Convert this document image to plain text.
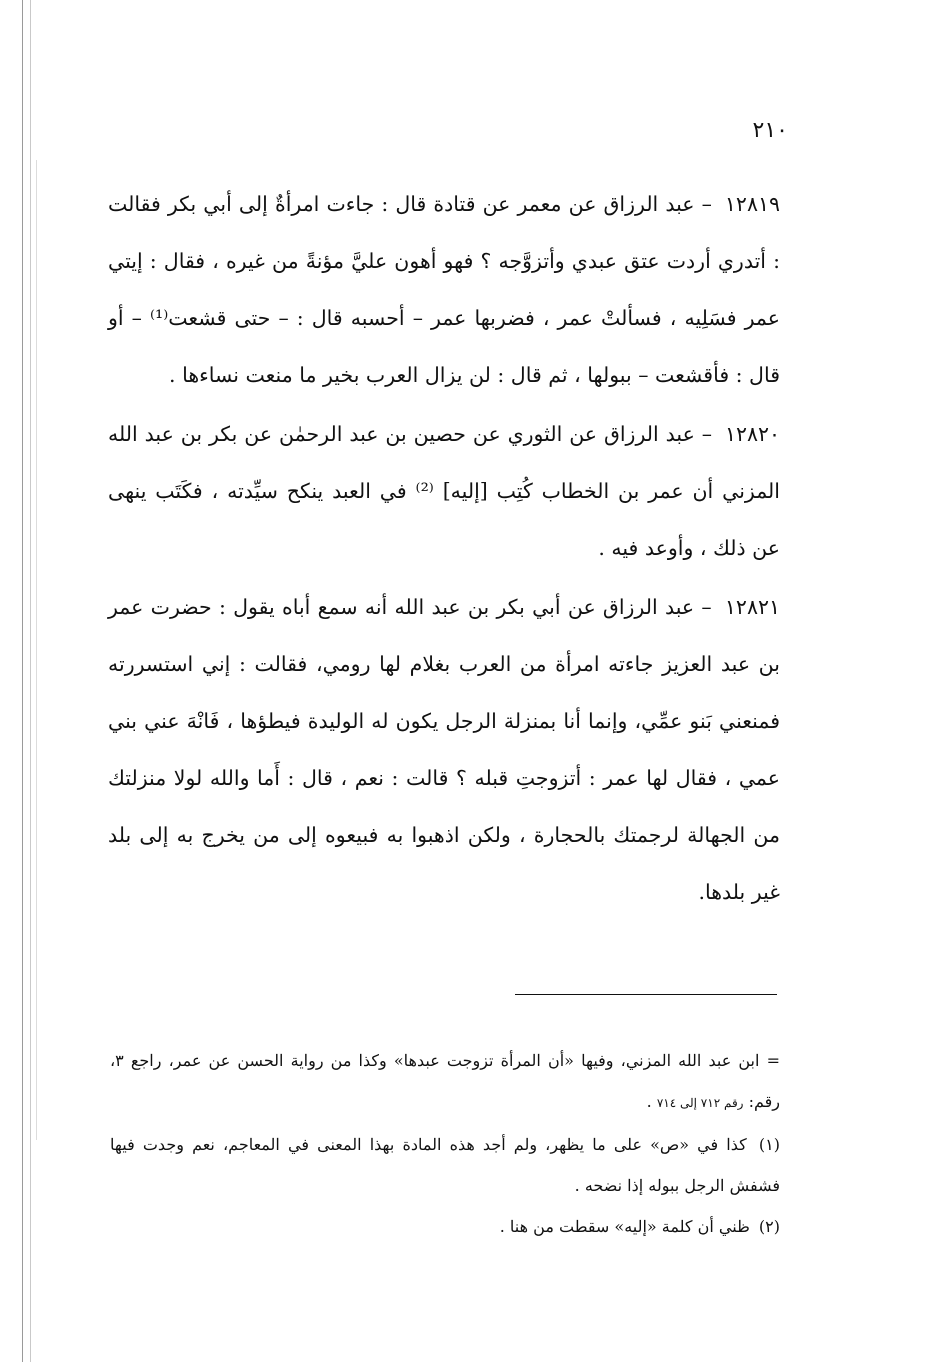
٢١٠

١٢٨١٩ – عبد الرزاق عن معمر عن قتادة قال : جاءت امرأةٌ إلى أبي بكر فقالت : أتدري أردت عتق عبدي وأتزوَّجه ؟ فهو أهون عليَّ مؤنةً من غيره ، فقال : إيتي عمر فسَلِيه ، فسألتْ عمر ، فضربها عمر – أحسبه قال : – حتى قشعت⁽¹⁾ – أو قال : فأقشعت – ببولها ، ثم قال : لن يزال العرب بخير ما منعت نساءها .

١٢٨٢٠ – عبد الرزاق عن الثوري عن حصين بن عبد الرحمٰن عن بكر بن عبد الله المزني أن عمر بن الخطاب كُتِب [إليه] ⁽²⁾ في العبد ينكح سيِّدته ، فكَتَب ينهى عن ذلك ، وأوعد فيه .

١٢٨٢١ – عبد الرزاق عن أبي بكر بن عبد الله أنه سمع أباه يقول : حضرت عمر بن عبد العزيز جاءته امرأة من العرب بغلام لها رومي، فقالت : إني استسررته فمنعني بَنو عمِّي، وإنما أنا بمنزلة الرجل يكون له الوليدة فيطؤها ، فَانْهَ عني بني عمي ، فقال لها عمر : أتزوجتِ قبله ؟ قالت : نعم ، قال : أَما والله لولا منزلتك من الجهالة لرجمتك بالحجارة ، ولكن اذهبوا به فبيعوه إلى من يخرج به إلى بلد غير بلدها.

= ابن عبد الله المزني، وفيها «أن المرأة تزوجت عبدها» وكذا من رواية الحسن عن عمر، راجع ٣، رقم: رقم ٧١٢ إلى ٧١٤ .

(١) كذا في «ص» على ما يظهر، ولم أجد هذه المادة بهذا المعنى في المعاجم، نعم وجدت فيها فشفش الرجل ببوله إذا نضحه .

(٢) ظني أن كلمة «إليه» سقطت من هنا .
